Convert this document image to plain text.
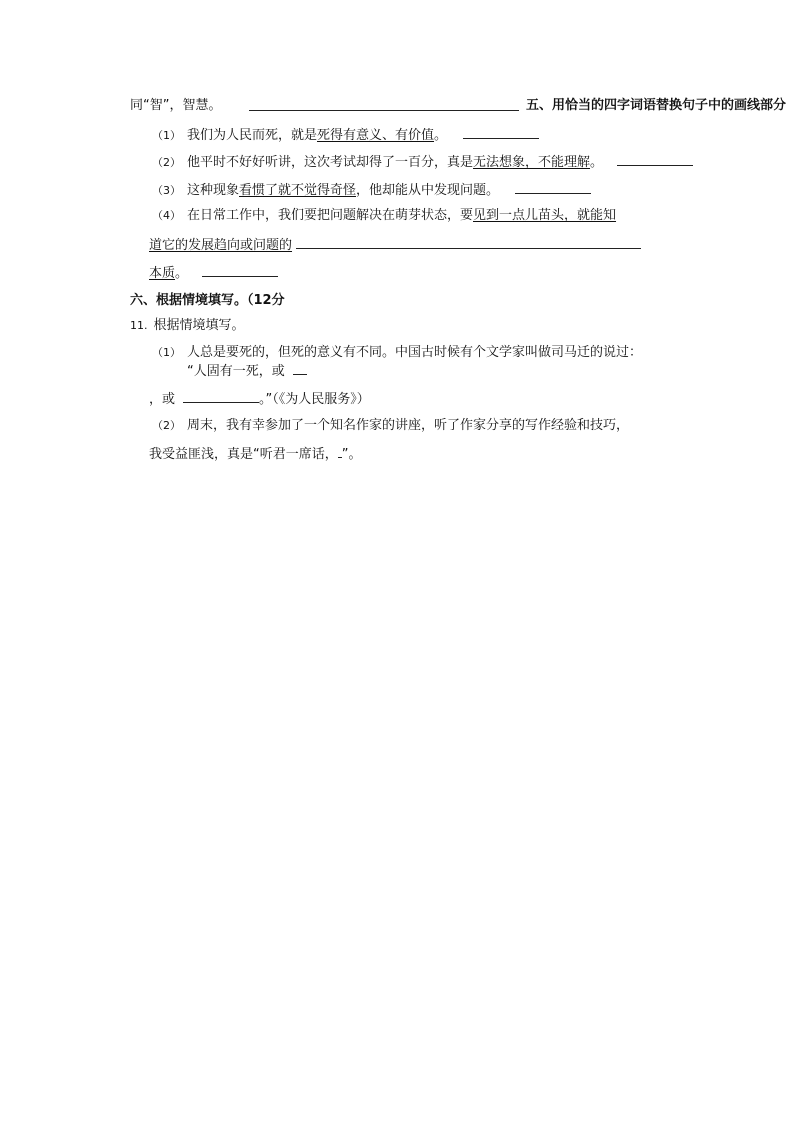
同“智”，智慧。	五、用恰当的四字词语替换句子中的画线部分
（1） 我们为人民而死，就是死得有意义、有价值。
（2） 他平时不好好听讲，这次考试却得了一百分，真是无法想象，不能理解。
（3） 这种现象看惯了就不觉得奇怪，他却能从中发现问题。
（4） 在日常工作中，我们要把问题解决在萌芽状态，要见到一点儿苗头，就能知
道它的发展趋向或问题的
本质。
六、根据情境填写。（12分
11. 根据情境填写。
（1） 人总是要死的，但死的意义有不同。中国古时候有个文学家叫做司马迁的说过：
“人固有一死，或
，或	。”（《为人民服务》）
（2） 周末，我有幸参加了一个知名作家的讲座，听了作家分享的写作经验和技巧，
我受益匪浅，真是“听君一席话， ”。
